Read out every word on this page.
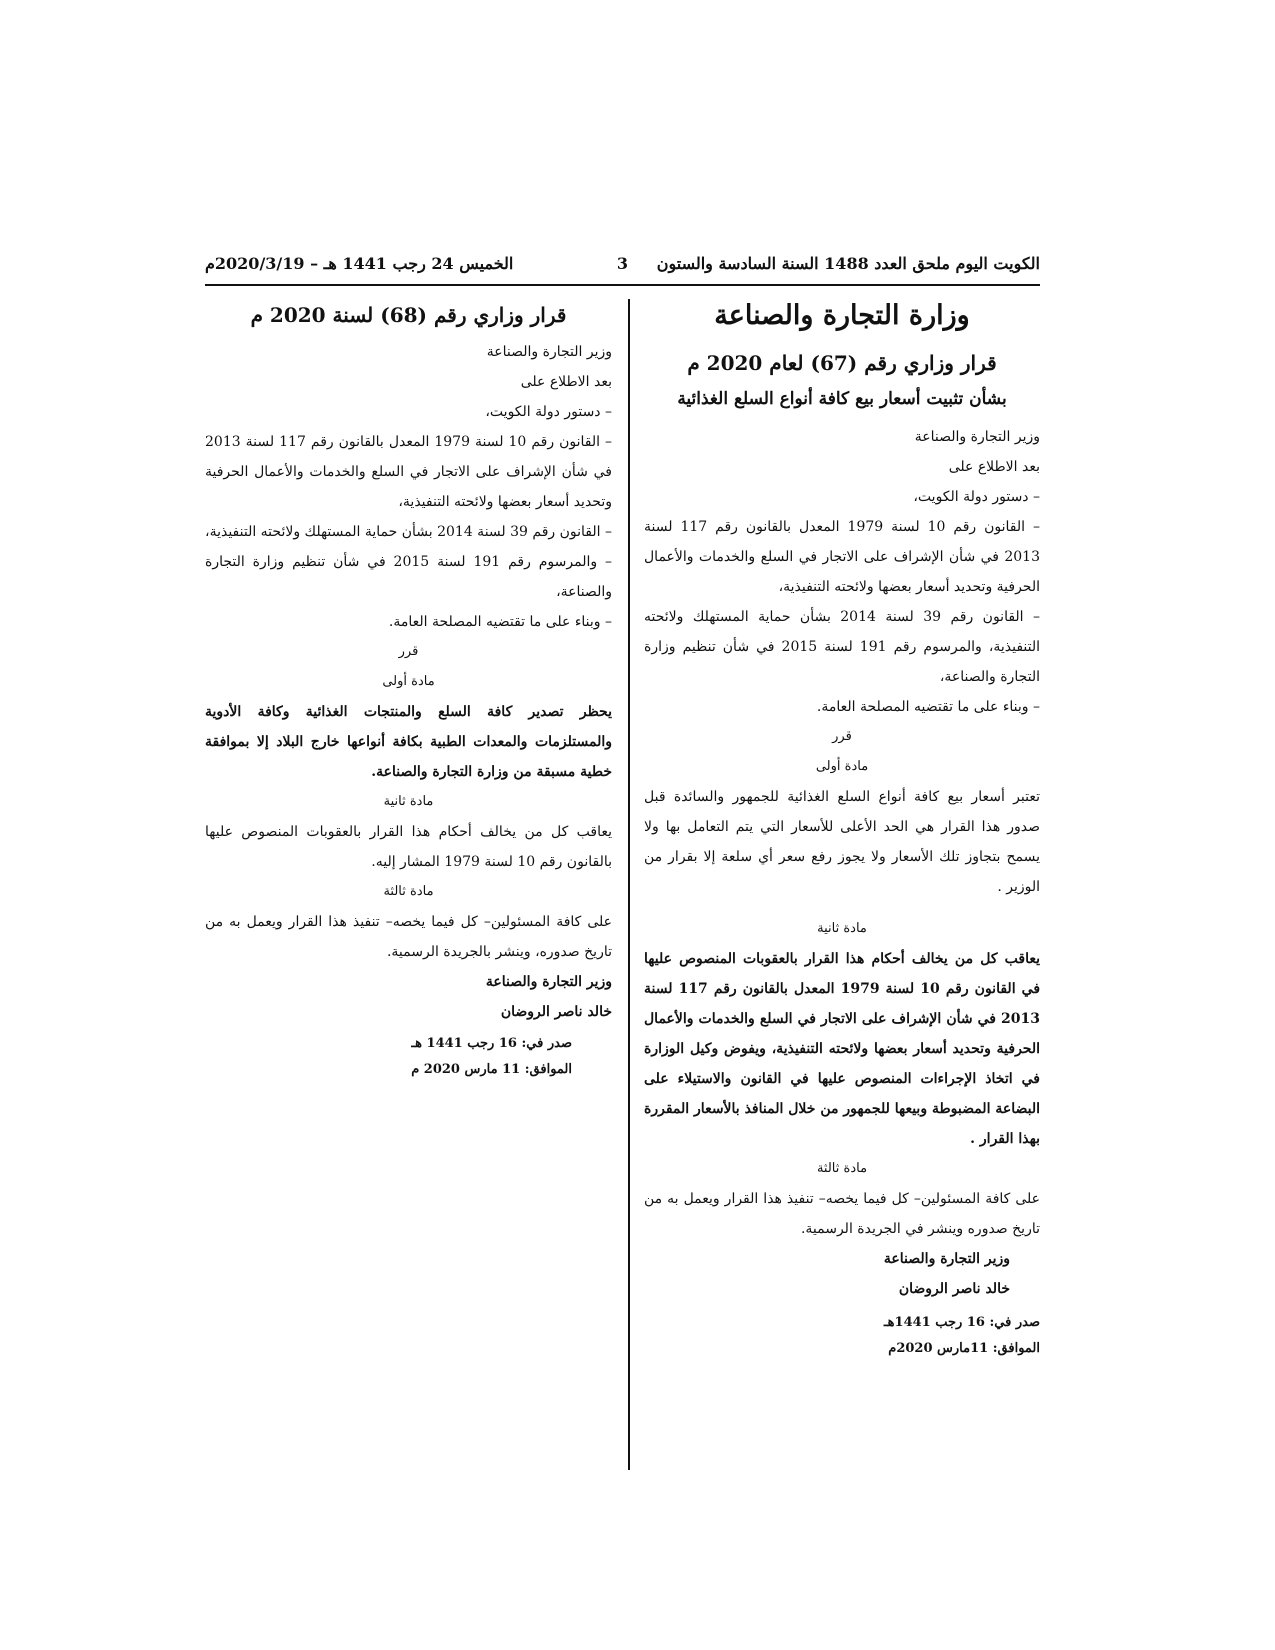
الكويت اليوم ملحق العدد 1488 السنة السادسة والستون
3
الخميس 24 رجب 1441 هـ – 2020/3/19م
وزارة التجارة والصناعة
قرار وزاري رقم (67) لعام 2020 م
بشأن تثبيت أسعار بيع كافة أنواع السلع الغذائية

وزير التجارة والصناعة

بعد الاطلاع على

– دستور دولة الكويت،

– القانون رقم 10 لسنة 1979 المعدل بالقانون رقم 117 لسنة 2013 في شأن الإشراف على الاتجار في السلع والخدمات والأعمال الحرفية وتحديد أسعار بعضها ولائحته التنفيذية،

– القانون رقم 39 لسنة 2014 بشأن حماية المستهلك ولائحته التنفيذية، والمرسوم رقم 191 لسنة 2015 في شأن تنظيم وزارة التجارة والصناعة،

– وبناء على ما تقتضيه المصلحة العامة.

قرر

مادة أولى

تعتبر أسعار بيع كافة أنواع السلع الغذائية للجمهور والسائدة قبل صدور هذا القرار هي الحد الأعلى للأسعار التي يتم التعامل بها ولا يسمح بتجاوز تلك الأسعار ولا يجوز رفع سعر أي سلعة إلا بقرار من الوزير .

مادة ثانية

يعاقب كل من يخالف أحكام هذا القرار بالعقوبات المنصوص عليها في القانون رقم 10 لسنة 1979 المعدل بالقانون رقم 117 لسنة 2013 في شأن الإشراف على الاتجار في السلع والخدمات والأعمال الحرفية وتحديد أسعار بعضها ولائحته التنفيذية، ويفوض وكيل الوزارة في اتخاذ الإجراءات المنصوص عليها في القانون والاستيلاء على البضاعة المضبوطة وبيعها للجمهور من خلال المنافذ بالأسعار المقررة بهذا القرار .

مادة ثالثة

على كافة المسئولين– كل فيما يخصه– تنفيذ هذا القرار ويعمل به من تاريخ صدوره وينشر في الجريدة الرسمية.

وزير التجارة والصناعة

خالد ناصر الروضان

صدر في: 16 رجب 1441هـ

الموافق: 11مارس 2020م

قرار وزاري رقم (68) لسنة 2020 م

وزير التجارة والصناعة

بعد الاطلاع على

– دستور دولة الكويت،

– القانون رقم 10 لسنة 1979 المعدل بالقانون رقم 117 لسنة 2013 في شأن الإشراف على الاتجار في السلع والخدمات والأعمال الحرفية وتحديد أسعار بعضها ولائحته التنفيذية،

– القانون رقم 39 لسنة 2014 بشأن حماية المستهلك ولائحته التنفيذية،

– والمرسوم رقم 191 لسنة 2015 في شأن تنظيم وزارة التجارة والصناعة،

– وبناء على ما تقتضيه المصلحة العامة.

قرر

مادة أولى

يحظر تصدير كافة السلع والمنتجات الغذائية وكافة الأدوية والمستلزمات والمعدات الطبية بكافة أنواعها خارج البلاد إلا بموافقة خطية مسبقة من وزارة التجارة والصناعة.

مادة ثانية

يعاقب كل من يخالف أحكام هذا القرار بالعقوبات المنصوص عليها بالقانون رقم 10 لسنة 1979 المشار إليه.

مادة ثالثة

على كافة المسئولين– كل فيما يخصه– تنفيذ هذا القرار ويعمل به من تاريخ صدوره، وينشر بالجريدة الرسمية.

وزير التجارة والصناعة

خالد ناصر الروضان

صدر في: 16 رجب 1441 هـ

الموافق: 11 مارس 2020 م
